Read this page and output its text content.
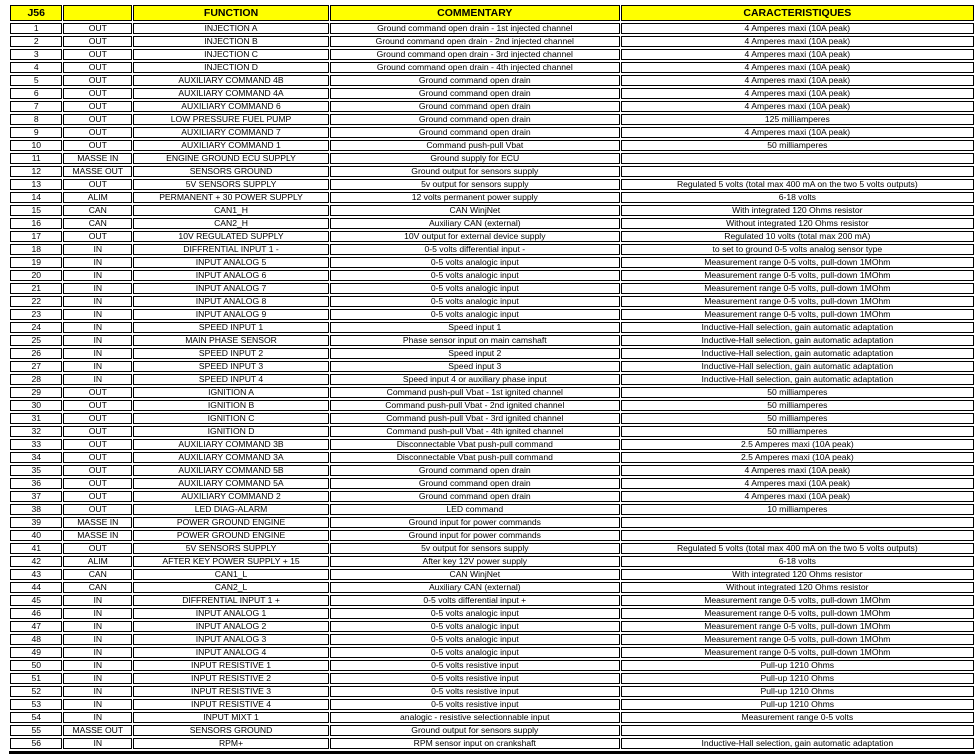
J56		FUNCTION	COMMENTARY	CARACTERISTIQUES
1	OUT	INJECTION A	Ground command open drain - 1st injected channel	4 Amperes maxi (10A peak)
2	OUT	INJECTION B	Ground command open drain - 2nd injected channel	4 Amperes maxi (10A peak)
3	OUT	INJECTION C	Ground command open drain - 3rd injected channel	4 Amperes maxi (10A peak)
4	OUT	INJECTION D	Ground command open drain - 4th injected channel	4 Amperes maxi (10A peak)
5	OUT	AUXILIARY COMMAND 4B	Ground command open drain	4 Amperes maxi (10A peak)
6	OUT	AUXILIARY COMMAND 4A	Ground command open drain	4 Amperes maxi (10A peak)
7	OUT	AUXILIARY COMMAND 6	Ground command open drain	4 Amperes maxi (10A peak)
8	OUT	LOW PRESSURE FUEL PUMP	Ground command open drain	125 milliamperes
9	OUT	AUXILIARY COMMAND 7	Ground command open drain	4 Amperes maxi (10A peak)
10	OUT	AUXILIARY COMMAND 1	Command push-pull Vbat	50 milliamperes
11	MASSE IN	ENGINE GROUND ECU SUPPLY	Ground supply for ECU	
12	MASSE OUT	SENSORS GROUND	Ground output for sensors supply	
13	OUT	5V SENSORS SUPPLY	5v output for sensors supply	Regulated 5 volts (total max 400 mA on the two 5 volts outputs)
14	ALIM	PERMANENT + 30 POWER SUPPLY	12 volts permanent power supply	6-18 volts
15	CAN	CAN1_H	CAN WinjNet	With integrated 120 Ohms resistor
16	CAN	CAN2_H	Auxiliary CAN (external)	Without integrated 120 Ohms resistor
17	OUT	10V REGULATED SUPPLY	10V output for external device supply	Regulated 10 volts (total max 200 mA)
18	IN	DIFFRENTIAL INPUT 1 -	0-5 volts differential input -	to set to ground 0-5 volts analog sensor type
19	IN	INPUT ANALOG 5	0-5 volts analogic input	Measurement range 0-5 volts, pull-down 1MOhm
20	IN	INPUT ANALOG 6	0-5 volts analogic input	Measurement range 0-5 volts, pull-down 1MOhm
21	IN	INPUT ANALOG 7	0-5 volts analogic input	Measurement range 0-5 volts, pull-down 1MOhm
22	IN	INPUT ANALOG 8	0-5 volts analogic input	Measurement range 0-5 volts, pull-down 1MOhm
23	IN	INPUT ANALOG 9	0-5 volts analogic input	Measurement range 0-5 volts, pull-down 1MOhm
24	IN	SPEED INPUT 1	Speed input 1	Inductive-Hall selection, gain automatic adaptation
25	IN	MAIN PHASE SENSOR	Phase sensor input on main camshaft	Inductive-Hall selection, gain automatic adaptation
26	IN	SPEED INPUT 2	Speed input 2	Inductive-Hall selection, gain automatic adaptation
27	IN	SPEED INPUT 3	Speed input 3	Inductive-Hall selection, gain automatic adaptation
28	IN	SPEED INPUT 4	Speed input 4 or auxiliary phase input	Inductive-Hall selection, gain automatic adaptation
29	OUT	IGNITION A	Command push-pull Vbat - 1st ignited channel	50 milliamperes
30	OUT	IGNITION B	Command push-pull Vbat - 2nd ignited channel	50 milliamperes
31	OUT	IGNITION C	Command push-pull Vbat - 3rd ignited channel	50 milliamperes
32	OUT	IGNITION D	Command push-pull Vbat - 4th ignited channel	50 milliamperes
33	OUT	AUXILIARY COMMAND 3B	Disconnectable Vbat push-pull command	2.5 Amperes maxi (10A peak)
34	OUT	AUXILIARY COMMAND 3A	Disconnectable Vbat push-pull command	2.5 Amperes maxi (10A peak)
35	OUT	AUXILIARY COMMAND 5B	Ground command open drain	4 Amperes maxi (10A peak)
36	OUT	AUXILIARY COMMAND 5A	Ground command open drain	4 Amperes maxi (10A peak)
37	OUT	AUXILIARY COMMAND 2	Ground command open drain	4 Amperes maxi (10A peak)
38	OUT	LED DIAG-ALARM	LED command	10 milliamperes
39	MASSE IN	POWER GROUND ENGINE	Ground input for power commands	
40	MASSE IN	POWER GROUND ENGINE	Ground input for power commands	
41	OUT	5V SENSORS SUPPLY	5v output for sensors supply	Regulated 5 volts (total max 400 mA on the two 5 volts outputs)
42	ALIM	AFTER KEY POWER SUPPLY + 15	After key 12V power supply	6-18 volts
43	CAN	CAN1_L	CAN WinjNet	With integrated 120 Ohms resistor
44	CAN	CAN2_L	Auxiliary CAN (external)	Without integrated 120 Ohms resistor
45	IN	DIFFRENTIAL INPUT 1 +	0-5 volts differential input +	Measurement range 0-5 volts, pull-down 1MOhm
46	IN	INPUT ANALOG 1	0-5 volts analogic input	Measurement range 0-5 volts, pull-down 1MOhm
47	IN	INPUT ANALOG 2	0-5 volts analogic input	Measurement range 0-5 volts, pull-down 1MOhm
48	IN	INPUT ANALOG 3	0-5 volts analogic input	Measurement range 0-5 volts, pull-down 1MOhm
49	IN	INPUT ANALOG 4	0-5 volts analogic input	Measurement range 0-5 volts, pull-down 1MOhm
50	IN	INPUT RESISTIVE 1	0-5 volts resistive input	Pull-up 1210 Ohms
51	IN	INPUT RESISTIVE 2	0-5 volts resistive input	Pull-up 1210 Ohms
52	IN	INPUT RESISTIVE 3	0-5 volts resistive input	Pull-up 1210 Ohms
53	IN	INPUT RESISTIVE 4	0-5 volts resistive input	Pull-up 1210 Ohms
54	IN	INPUT MIXT 1	analogic - resistive selectionnable input	Measurement range 0-5 volts
55	MASSE OUT	SENSORS GROUND	Ground output for sensors supply	
56	IN	RPM+	RPM sensor input on crankshaft	Inductive-Hall selection, gain automatic adaptation
